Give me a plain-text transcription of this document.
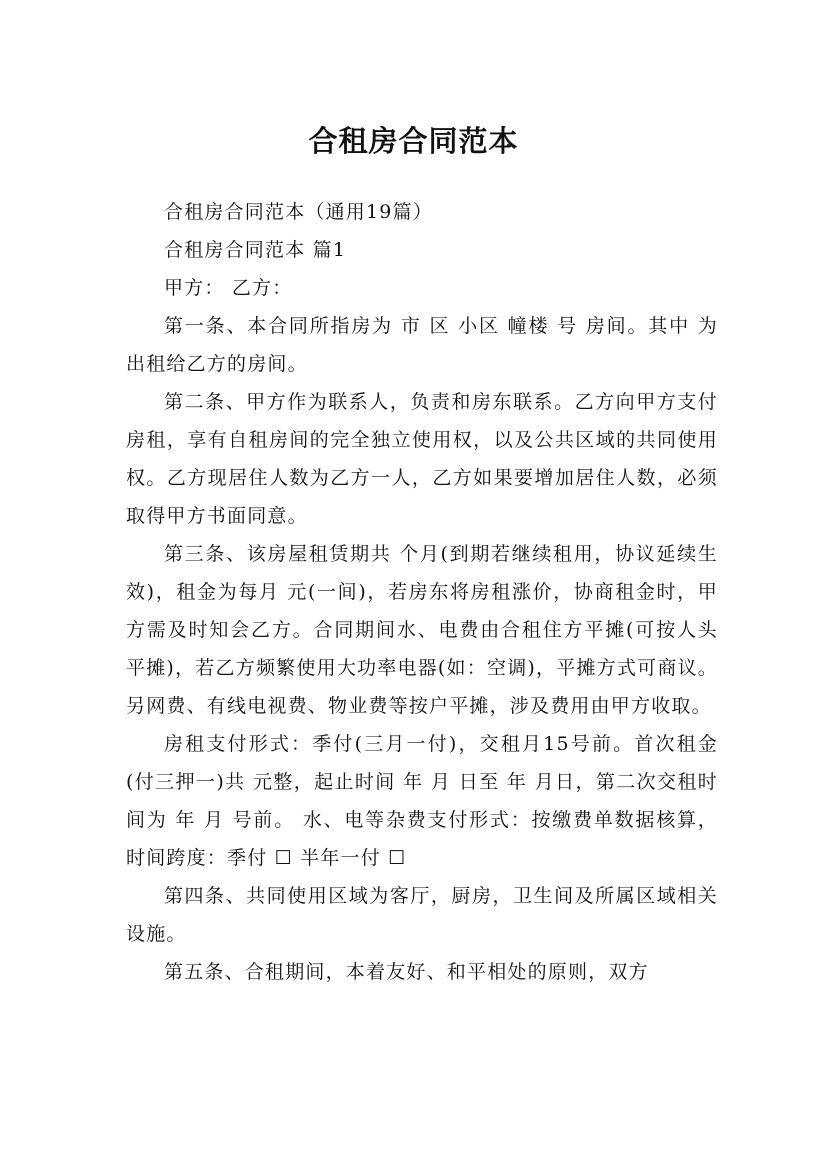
合租房合同范本

合租房合同范本（通用19篇）

合租房合同范本 篇1

甲方： 乙方：

第一条、本合同所指房为 市 区 小区 幢楼 号 房间。其中 为出租给乙方的房间。

第二条、甲方作为联系人，负责和房东联系。乙方向甲方支付房租，享有自租房间的完全独立使用权，以及公共区域的共同使用权。乙方现居住人数为乙方一人，乙方如果要增加居住人数，必须取得甲方书面同意。

第三条、该房屋租赁期共 个月(到期若继续租用，协议延续生效)，租金为每月 元(一间)，若房东将房租涨价，协商租金时，甲方需及时知会乙方。合同期间水、电费由合租住方平摊(可按人头平摊)，若乙方频繁使用大功率电器(如：空调)，平摊方式可商议。另网费、有线电视费、物业费等按户平摊，涉及费用由甲方收取。

房租支付形式：季付(三月一付)，交租月15号前。首次租金(付三押一)共 元整，起止时间 年 月 日至 年 月日，第二次交租时间为 年 月 号前。 水、电等杂费支付形式：按缴费单数据核算，时间跨度：季付 ☐ 半年一付 ☐

第四条、共同使用区域为客厅，厨房，卫生间及所属区域相关设施。

第五条、合租期间，本着友好、和平相处的原则，双方
